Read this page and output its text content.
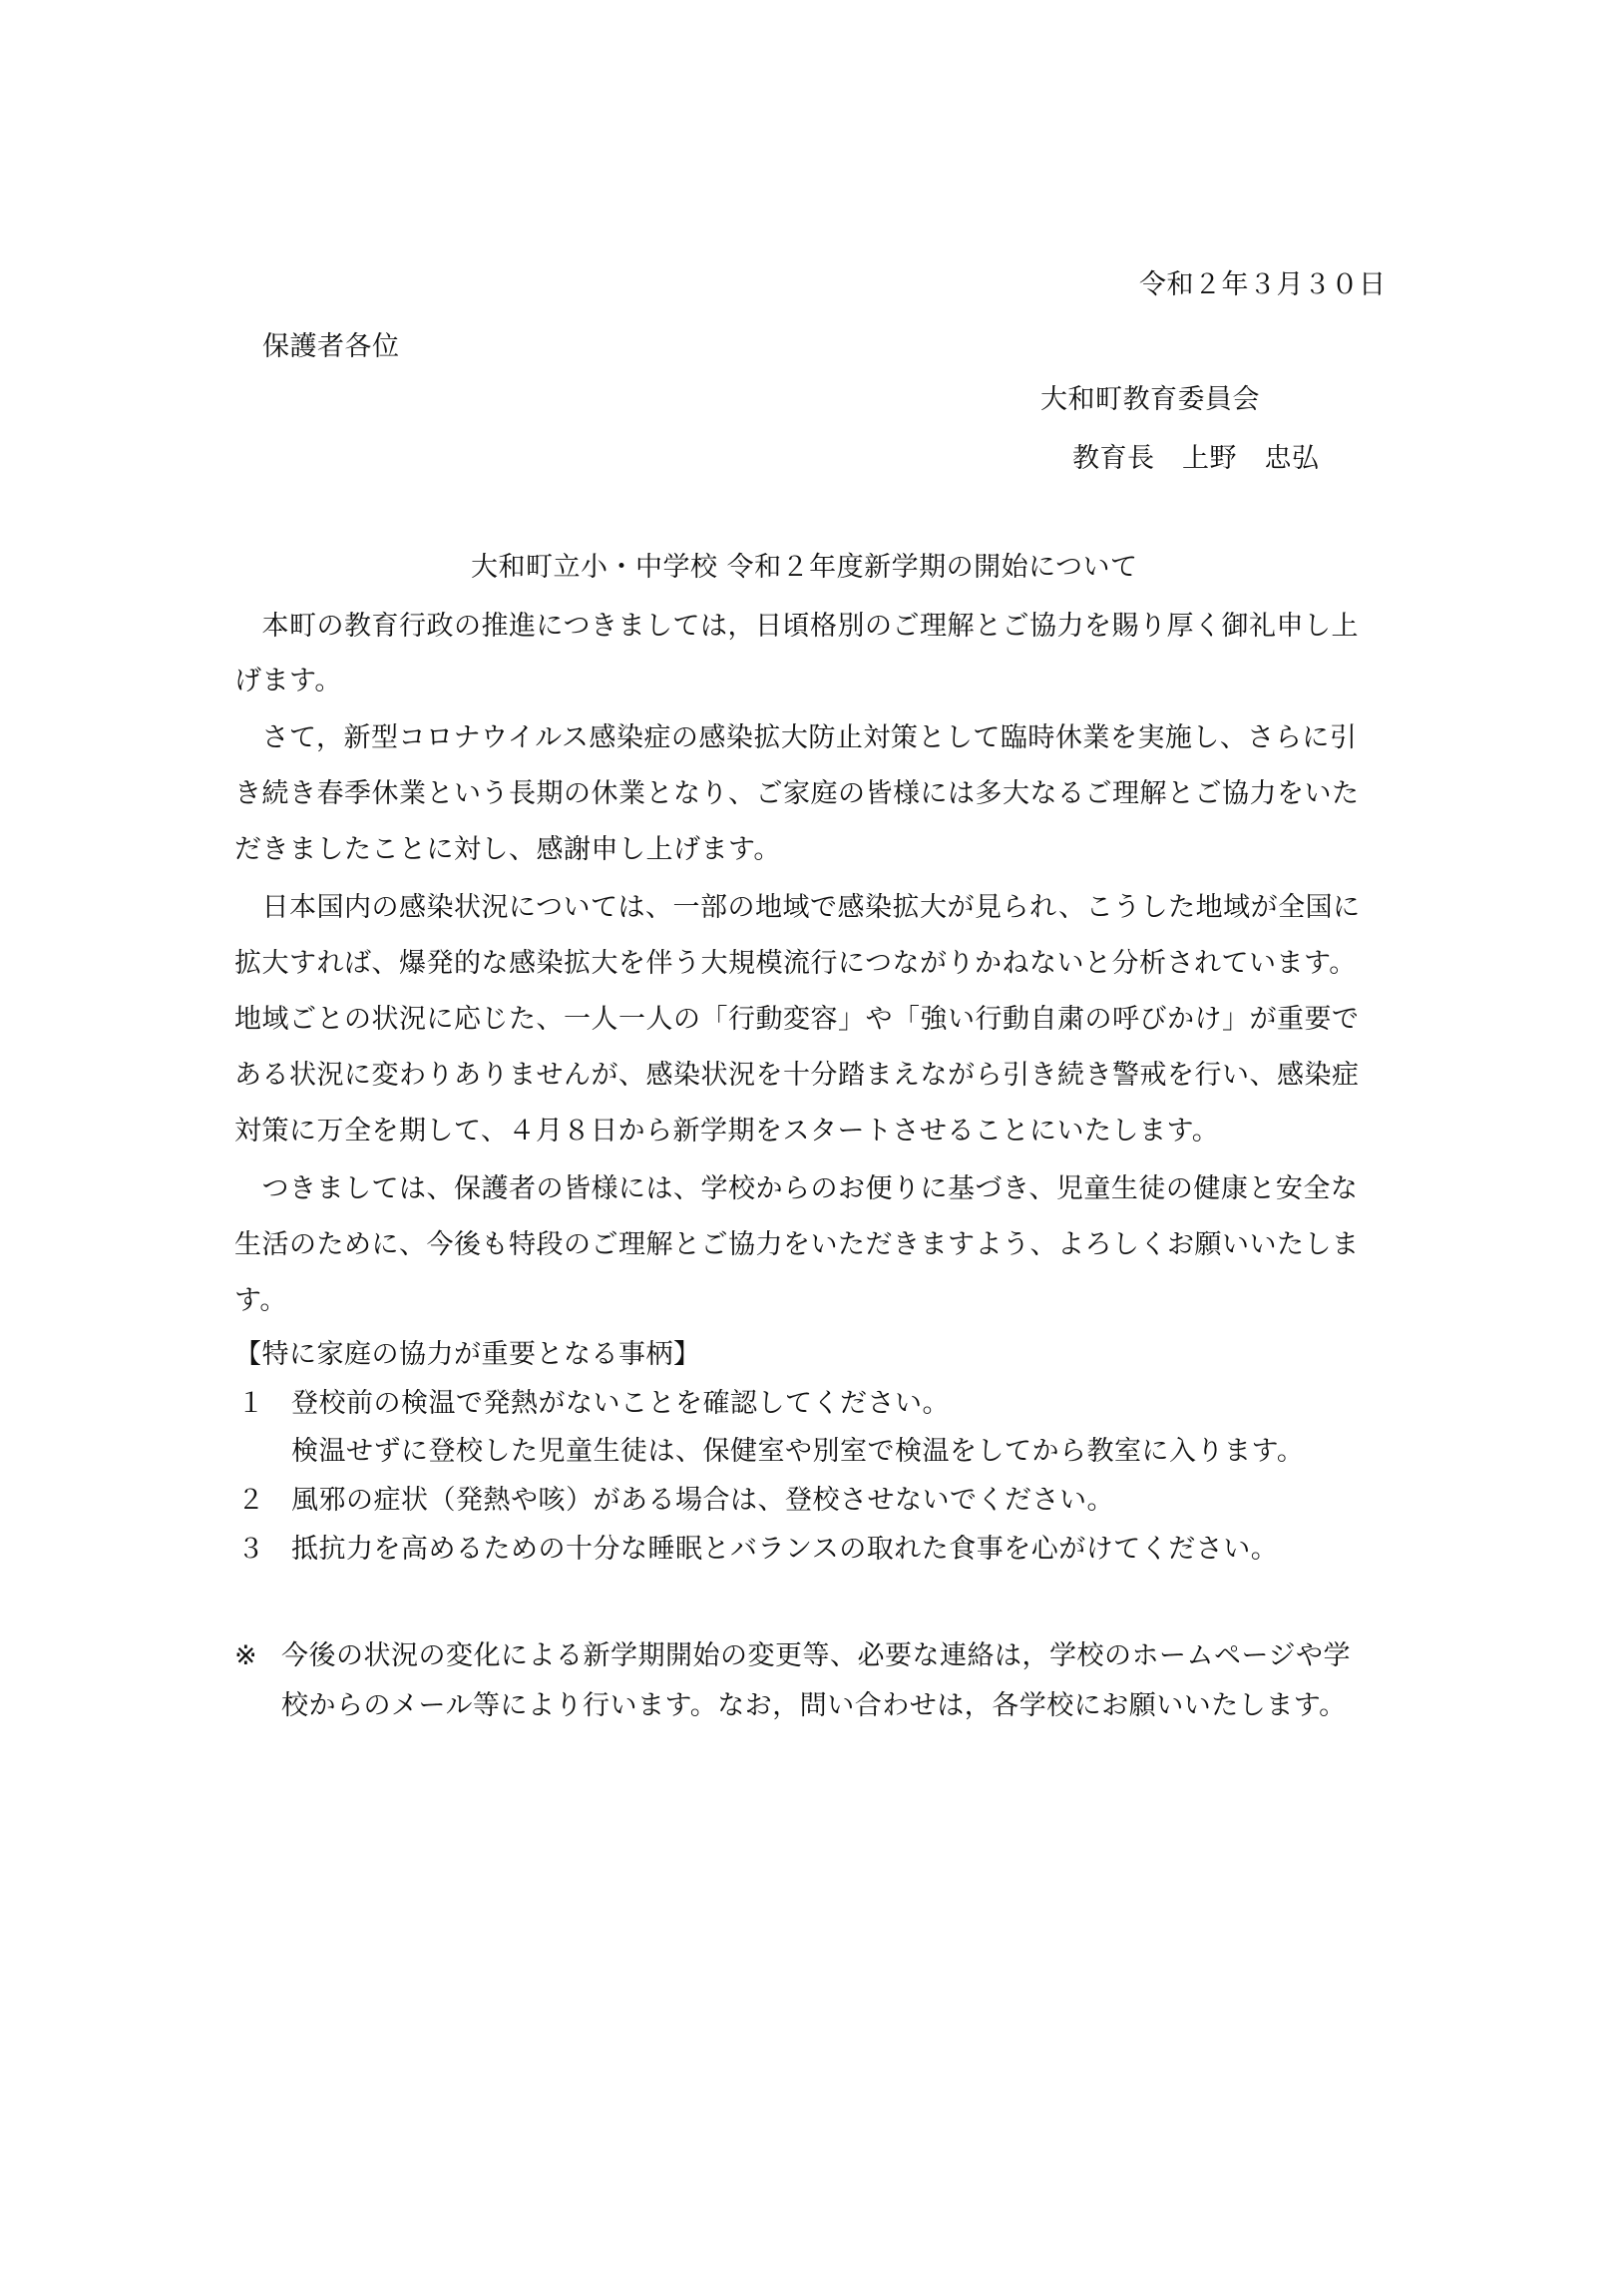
令和２年３月３０日
保護者各位
大和町教育委員会
教育長　上野　忠弘
大和町立小・中学校 令和２年度新学期の開始について
　本町の教育行政の推進につきましては，日頃格別のご理解とご協力を賜り厚く御礼申し上
げます。
　さて，新型コロナウイルス感染症の感染拡大防止対策として臨時休業を実施し、さらに引
き続き春季休業という長期の休業となり、ご家庭の皆様には多大なるご理解とご協力をいた
だきましたことに対し、感謝申し上げます。
　日本国内の感染状況については、一部の地域で感染拡大が見られ、こうした地域が全国に
拡大すれば、爆発的な感染拡大を伴う大規模流行につながりかねないと分析されています。
地域ごとの状況に応じた、一人一人の「行動変容」や「強い行動自粛の呼びかけ」が重要で
ある状況に変わりありませんが、感染状況を十分踏まえながら引き続き警戒を行い、感染症
対策に万全を期して、４月８日から新学期をスタートさせることにいたします。
　つきましては、保護者の皆様には、学校からのお便りに基づき、児童生徒の健康と安全な
生活のために、今後も特段のご理解とご協力をいただきますよう、よろしくお願いいたしま
す。
【特に家庭の協力が重要となる事柄】
１ 登校前の検温で発熱がないことを確認してください。
検温せずに登校した児童生徒は、保健室や別室で検温をしてから教室に入ります。
２ 風邪の症状（発熱や咳）がある場合は、登校させないでください。
３ 抵抗力を高めるための十分な睡眠とバランスの取れた食事を心がけてください。
※ 今後の状況の変化による新学期開始の変更等、必要な連絡は，学校のホームページや学
校からのメール等により行います。なお，問い合わせは，各学校にお願いいたします。
